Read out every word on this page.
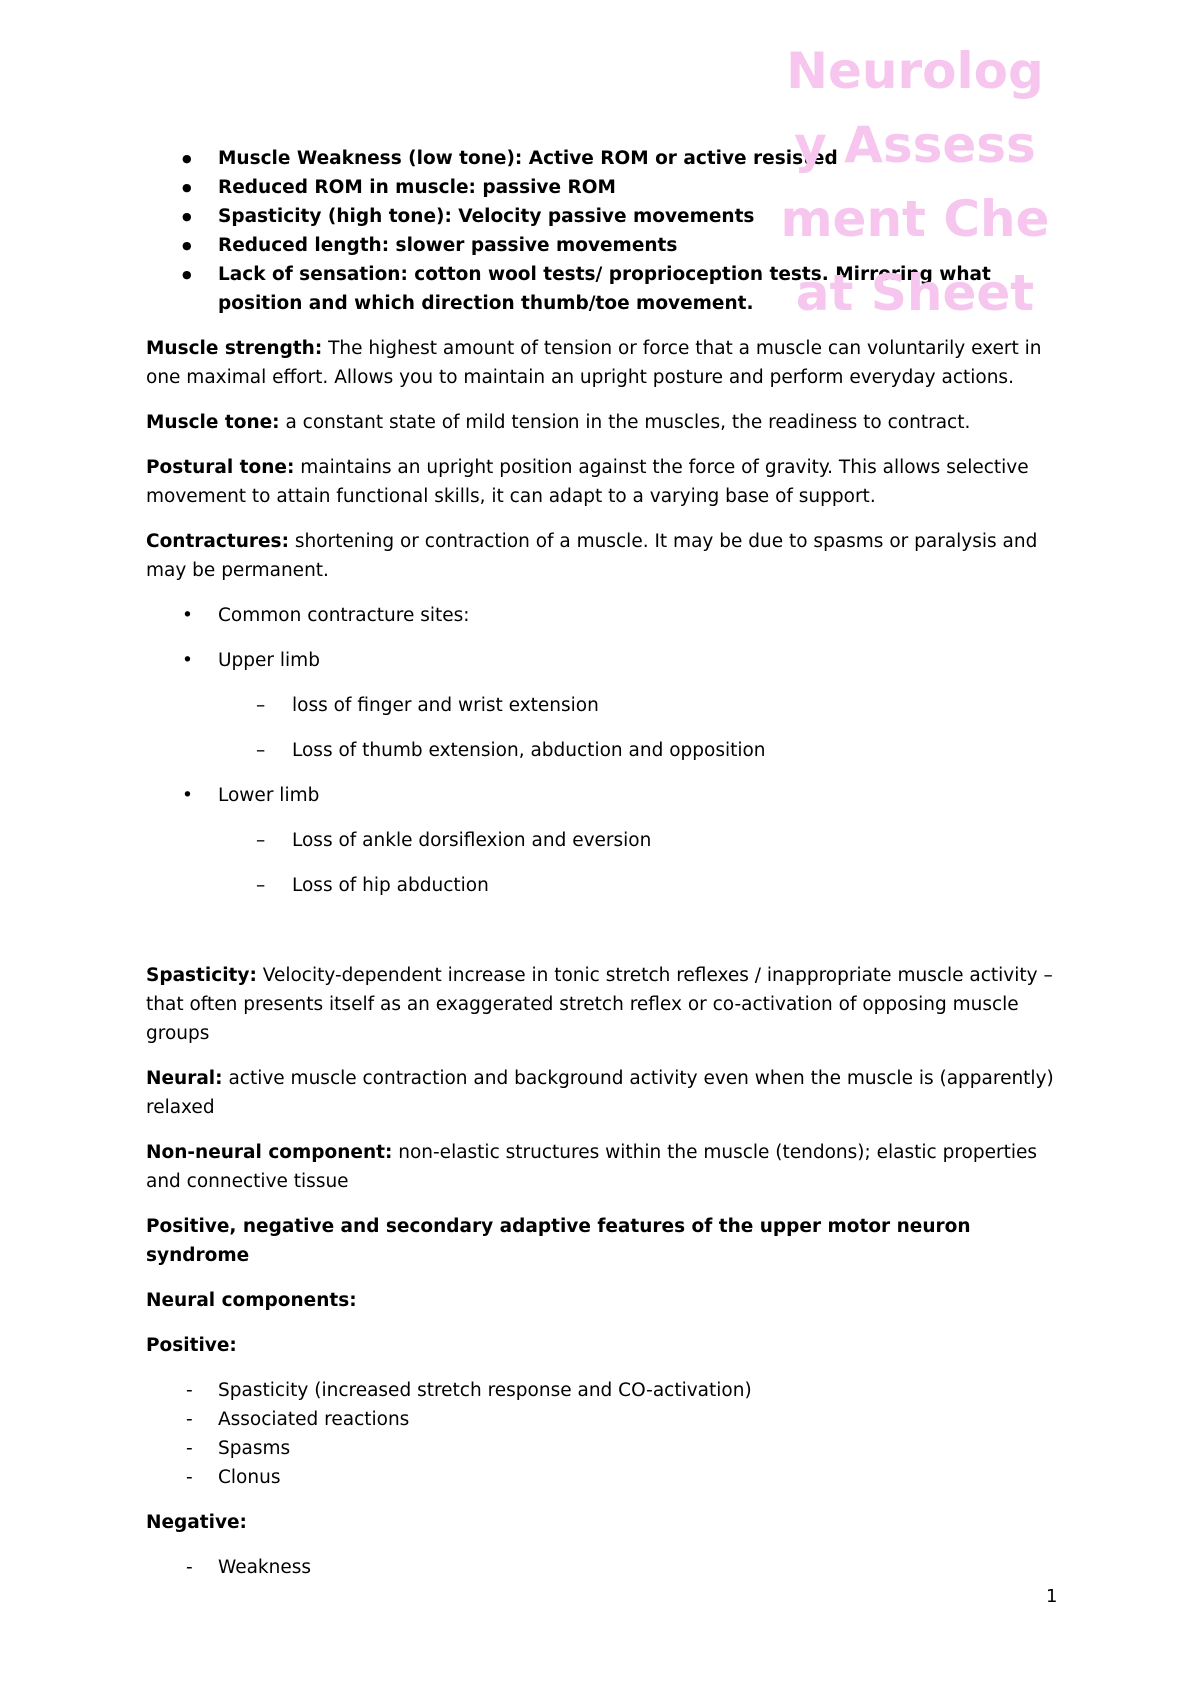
Neurology Assessment Cheat Sheet
● Muscle Weakness (low tone): Active ROM or active resisted
● Reduced ROM in muscle: passive ROM
● Spasticity (high tone): Velocity passive movements
● Reduced length: slower passive movements
● Lack of sensation: cotton wool tests/ proprioception tests. Mirroring what position and which direction thumb/toe movement.

Muscle strength: The highest amount of tension or force that a muscle can voluntarily exert in one maximal effort. Allows you to maintain an upright posture and perform everyday actions.

Muscle tone: a constant state of mild tension in the muscles, the readiness to contract.

Postural tone: maintains an upright position against the force of gravity. This allows selective movement to attain functional skills, it can adapt to a varying base of support.

Contractures: shortening or contraction of a muscle. It may be due to spasms or paralysis and may be permanent.

• Common contracture sites:
• Upper limb
– loss of finger and wrist extension
– Loss of thumb extension, abduction and opposition
• Lower limb
– Loss of ankle dorsiflexion and eversion
– Loss of hip abduction

Spasticity: Velocity-dependent increase in tonic stretch reflexes / inappropriate muscle activity – that often presents itself as an exaggerated stretch reflex or co-activation of opposing muscle groups

Neural: active muscle contraction and background activity even when the muscle is (apparently) relaxed

Non-neural component: non-elastic structures within the muscle (tendons); elastic properties and connective tissue

Positive, negative and secondary adaptive features of the upper motor neuron syndrome

Neural components:

Positive:

- Spasticity (increased stretch response and CO-activation)
- Associated reactions
- Spasms
- Clonus

Negative:

- Weakness
1
